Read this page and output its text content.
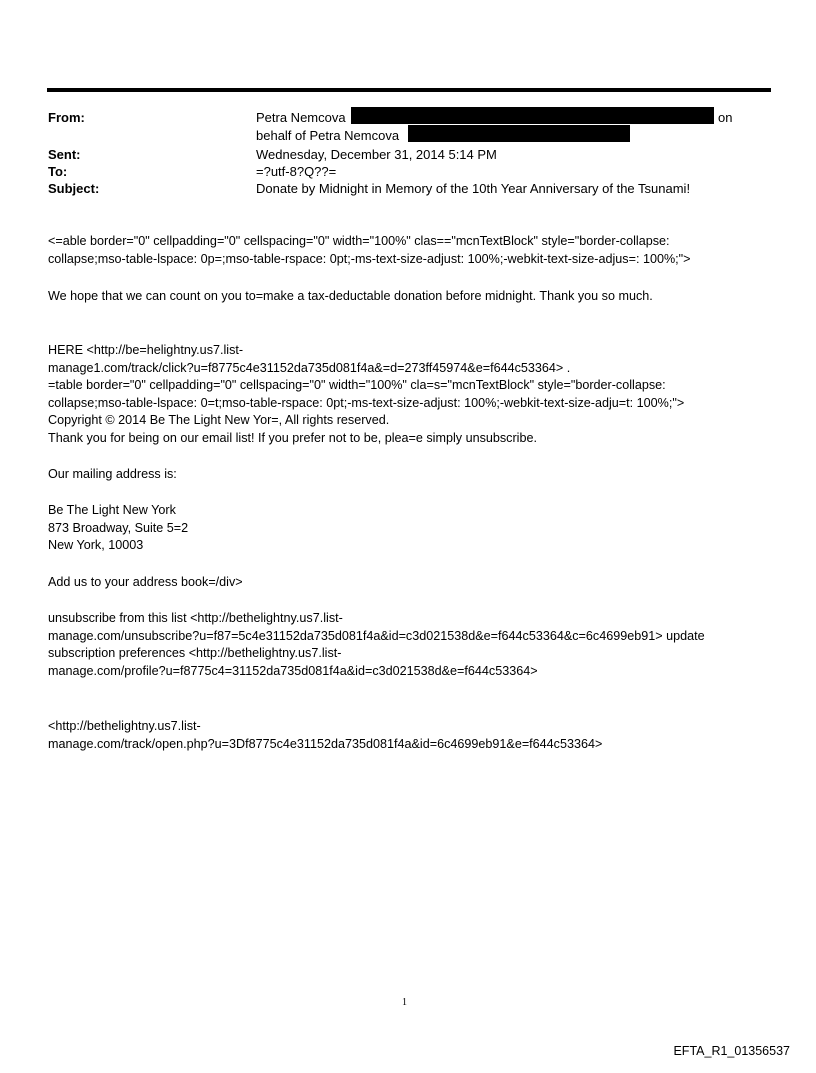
From:	Petra Nemcova	on
behalf of Petra Nemcova
Sent:	Wednesday, December 31, 2014 5:14 PM
To:	=?utf-8?Q??=
Subject:	Donate by Midnight in Memory of the 10th Year Anniversary of the Tsunami!
<=able border="0" cellpadding="0" cellspacing="0" width="100%" clas=="mcnTextBlock" style="border-collapse:
collapse;mso-table-lspace: 0p=;mso-table-rspace: 0pt;-ms-text-size-adjust: 100%;-webkit-text-size-adjus=: 100%;">
We hope that we can count on you to=make a tax-deductable donation before midnight. Thank you so much.
HERE <http://be=helightny.us7.list-
manage1.com/track/click?u=f8775c4e31152da735d081f4a&=d=273ff45974&e=f644c53364> .
=table border="0" cellpadding="0" cellspacing="0" width="100%" cla=s="mcnTextBlock" style="border-collapse:
collapse;mso-table-lspace: 0=t;mso-table-rspace: 0pt;-ms-text-size-adjust: 100%;-webkit-text-size-adju=t: 100%;">
Copyright © 2014 Be The Light New Yor=, All rights reserved.
Thank you for being on our email list! If you prefer not to be, plea=e simply unsubscribe.
Our mailing address is:
Be The Light New York
873 Broadway, Suite 5=2
New York, 10003
Add us to your address book=/div>
unsubscribe from this list <http://bethelightny.us7.list-
manage.com/unsubscribe?u=f87=5c4e31152da735d081f4a&id=c3d021538d&e=f644c53364&c=6c4699eb91> update
subscription preferences <http://bethelightny.us7.list-
manage.com/profile?u=f8775c4=31152da735d081f4a&id=c3d021538d&e=f644c53364>
<http://bethelightny.us7.list-
manage.com/track/open.php?u=3Df8775c4e31152da735d081f4a&id=6c4699eb91&e=f644c53364>
1
EFTA_R1_01356537
